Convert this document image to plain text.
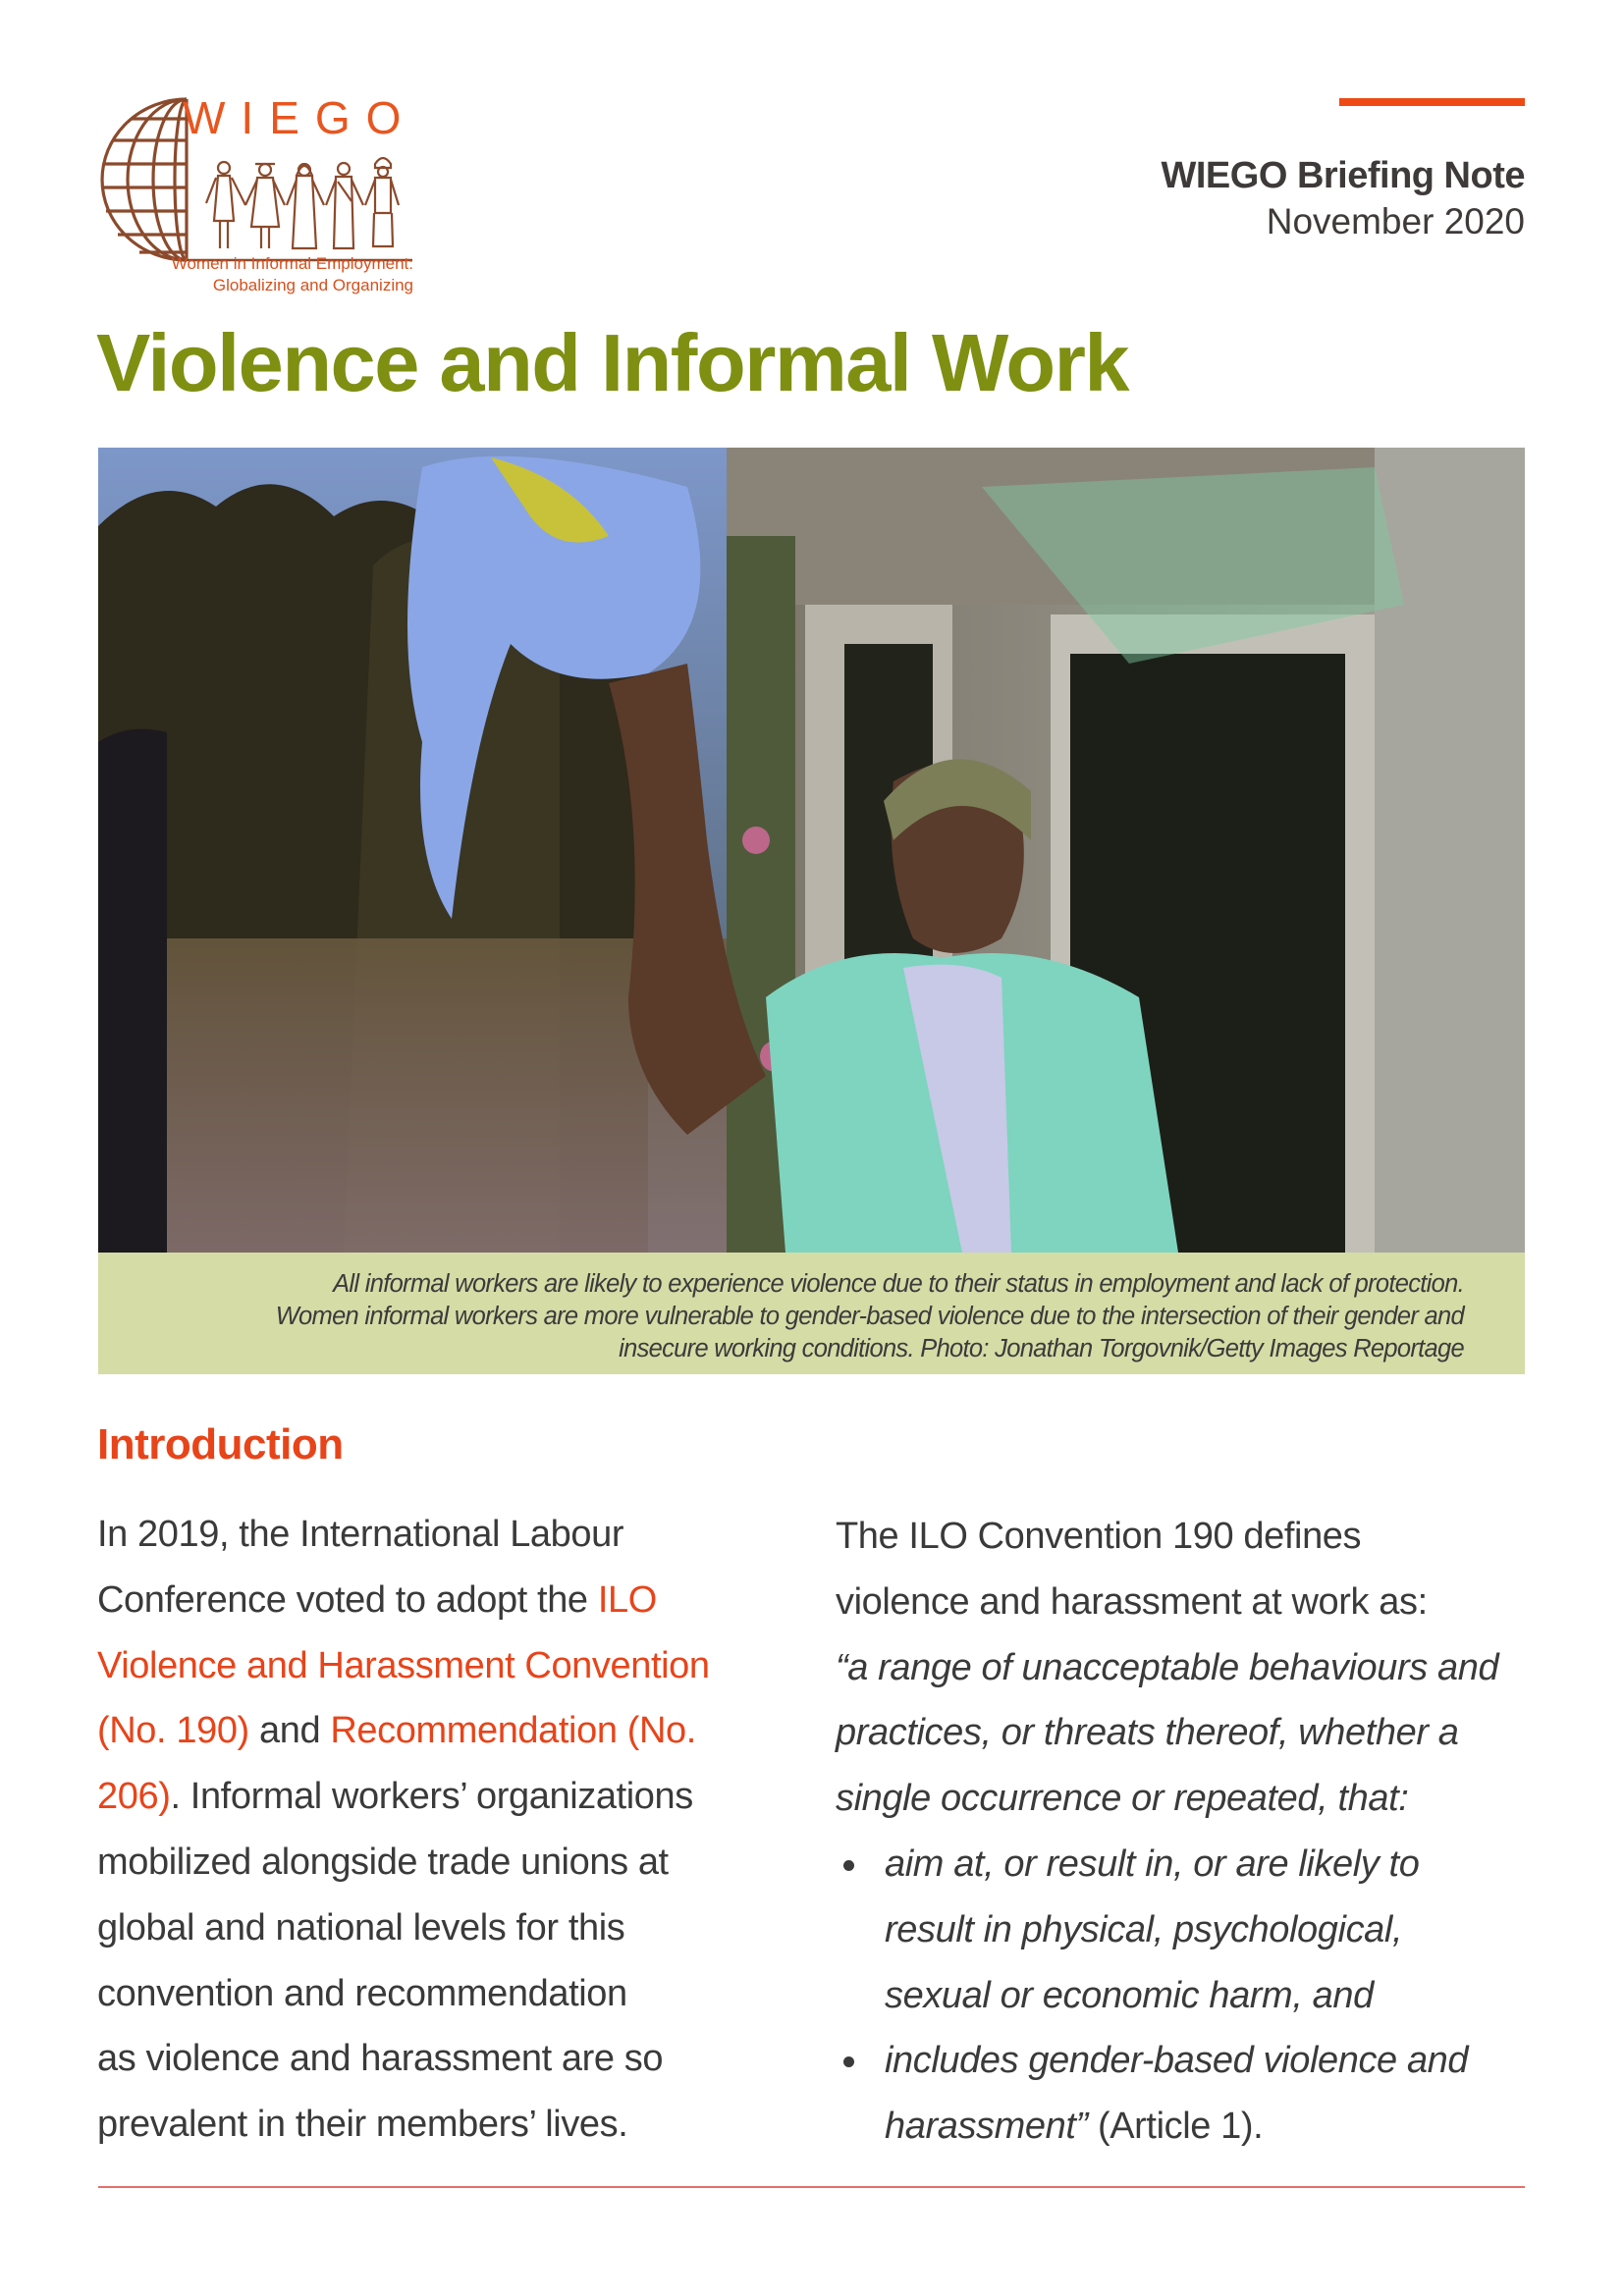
WIEGO
Women in Informal Employment:
Globalizing and Organizing
WIEGO Briefing Note
November 2020
Violence and Informal Work
All informal workers are likely to experience violence due to their status in employment and lack of protection.
Women informal workers are more vulnerable to gender-based violence due to the intersection of their gender and
insecure working conditions. Photo: Jonathan Torgovnik/Getty Images Reportage
Introduction
In 2019, the International Labour
Conference voted to adopt the ILO
Violence and Harassment Convention
(No. 190) and Recommendation (No.
206). Informal workers’ organizations
mobilized alongside trade unions at
global and national levels for this
convention and recommendation
as violence and harassment are so
prevalent in their members’ lives.
The ILO Convention 190 defines
violence and harassment at work as:
“a range of unacceptable behaviours and
practices, or threats thereof, whether a
single occurrence or repeated, that:
aim at, or result in, or are likely to
result in physical, psychological,
sexual or economic harm, and
includes gender-based violence and
harassment” (Article 1).
